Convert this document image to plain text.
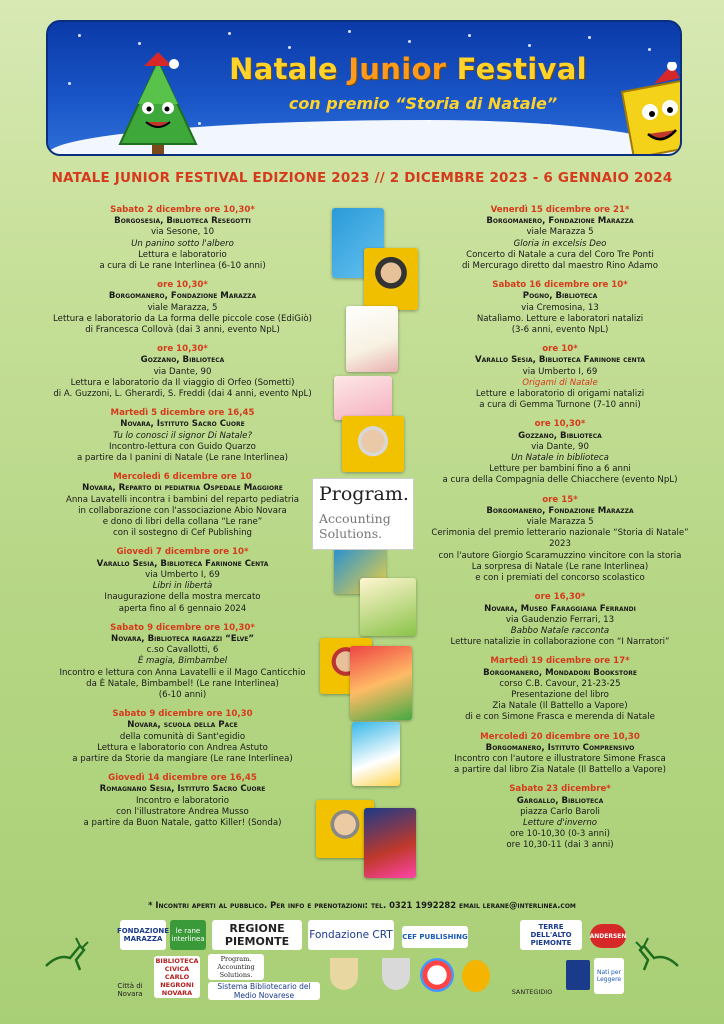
Natale Junior Festival
con premio “Storia di Natale”
NATALE JUNIOR FESTIVAL EDIZIONE 2023 // 2 DICEMBRE 2023 - 6 GENNAIO 2024
Sabato 2 dicembre ore 10,30*
Borgosesia, Biblioteca Resegotti
via Sesone, 10
Un panino sotto l'albero
Lettura e laboratorio
a cura di Le rane Interlinea (6-10 anni)
ore 10,30*
Borgomanero, Fondazione Marazza
viale Marazza, 5
Lettura e laboratorio da La forma delle piccole cose (EdiGiò)
di Francesca Collovà (dai 3 anni, evento NpL)
ore 10,30*
Gozzano, Biblioteca
via Dante, 90
Lettura e laboratorio da Il viaggio di Orfeo (Sometti)
di A. Guzzoni, L. Gherardi, S. Freddi (dai 4 anni, evento NpL)
Martedì 5 dicembre ore 16,45
Novara, Istituto Sacro Cuore
Tu lo conosci il signor Di Natale?
Incontro-lettura con Guido Quarzo
a partire da I panini di Natale (Le rane Interlinea)
Mercoledì 6 dicembre ore 10
Novara, Reparto di pediatria Ospedale Maggiore
Anna Lavatelli incontra i bambini del reparto pediatria
in collaborazione con l'associazione Abio Novara
e dono di libri della collana “Le rane”
con il sostegno di Cef Publishing
Giovedì 7 dicembre ore 10*
Varallo Sesia, Biblioteca Farinone Centa
via Umberto I, 69
Libri in libertà
Inaugurazione della mostra mercato
aperta fino al 6 gennaio 2024
Sabato 9 dicembre ore 10,30*
Novara, Biblioteca ragazzi “Elve”
c.so Cavallotti, 6
È magia, Bimbambel
Incontro e lettura con Anna Lavatelli e il Mago Canticchio
da È Natale, Bimbambel! (Le rane Interlinea)
(6-10 anni)
Sabato 9 dicembre ore 10,30
Novara, scuola della Pace
della comunità di Sant'egidio
Lettura e laboratorio con Andrea Astuto
a partire da Storie da mangiare (Le rane Interlinea)
Giovedì 14 dicembre ore 16,45
Romagnano Sesia, Istituto Sacro Cuore
Incontro e laboratorio
con l'illustratore Andrea Musso
a partire da Buon Natale, gatto Killer! (Sonda)
Venerdì 15 dicembre ore 21*
Borgomanero, Fondazione Marazza
viale Marazza 5
Gloria in excelsis Deo
Concerto di Natale a cura del Coro Tre Ponti
di Mercurago diretto dal maestro Rino Adamo
Sabato 16 dicembre ore 10*
Pogno, Biblioteca
via Cremosina, 13
Natalìamo. Letture e laboratori natalizi
(3-6 anni, evento NpL)
ore 10*
Varallo Sesia, Biblioteca Farinone centa
via Umberto I, 69
Origami di Natale
Letture e laboratorio di origami natalizi
a cura di Gemma Turnone (7-10 anni)
ore 10,30*
Gozzano, Biblioteca
via Dante, 90
Un Natale in biblioteca
Letture per bambini fino a 6 anni
a cura della Compagnia delle Chiacchere (evento NpL)
ore 15*
Borgomanero, Fondazione Marazza
viale Marazza 5
Cerimonia del premio letterario nazionale “Storia di Natale” 2023
con l'autore Giorgio Scaramuzzino vincitore con la storia
La sorpresa di Natale (Le rane Interlinea)
e con i premiati del concorso scolastico
ore 16,30*
Novara, Museo Faraggiana Ferrandi
via Gaudenzio Ferrari, 13
Babbo Natale racconta
Letture natalizie in collaborazione con “I Narratori”
Martedì 19 dicembre ore 17*
Borgomanero, Mondadori Bookstore
corso C.B. Cavour, 21-23-25
Presentazione del libro
Zia Natale (Il Battello a Vapore)
di e con Simone Frasca e merenda di Natale
Mercoledì 20 dicembre ore 10,30
Borgomanero, Istituto Comprensivo
Incontro con l'autore e illustratore Simone Frasca
a partire dal libro Zia Natale (Il Battello a Vapore)
Sabato 23 dicembre*
Gargallo, Biblioteca
piazza Carlo Baroli
Letture d'inverno
ore 10-10,30 (0-3 anni)
ore 10,30-11 (dai 3 anni)
Program.
Accounting
Solutions.
* Incontri aperti al pubblico. Per info e prenotazioni: tel. 0321 1992282 email lerane@interlinea.com
FONDAZIONE MARAZZA
le rane interlinea
REGIONE PIEMONTE	Fondazione CRT CEF PUBLISHING
TERRE DELL'ALTO PIEMONTE
ANDERSEN
Città di Novara
BIBLIOTECA CIVICA CARLO NEGRONI NOVARA
Program. Accounting Solutions.
Sistema Bibliotecario del Medio Novarese	SANTEGIDIO
Nati per Leggere
